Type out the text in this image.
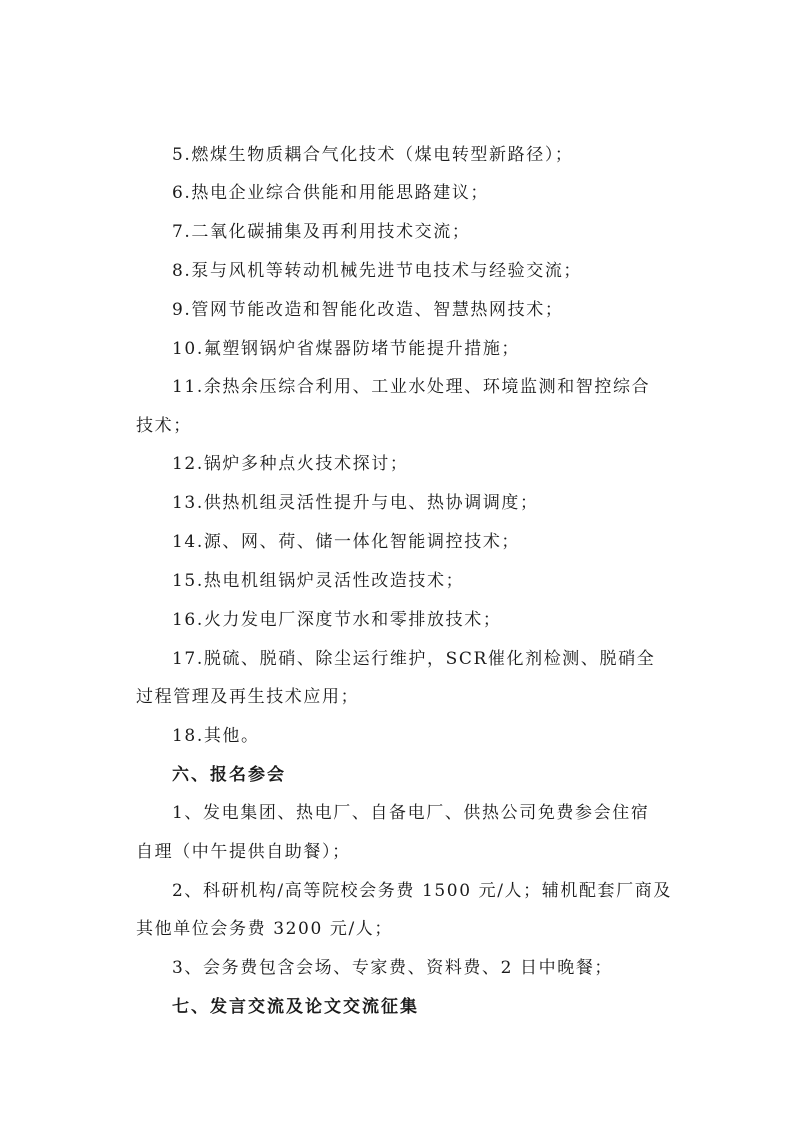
5.燃煤生物质耦合气化技术（煤电转型新路径）；
6.热电企业综合供能和用能思路建议；
7.二氧化碳捕集及再利用技术交流；
8.泵与风机等转动机械先进节电技术与经验交流；
9.管网节能改造和智能化改造、智慧热网技术；
10.氟塑钢锅炉省煤器防堵节能提升措施；
11.余热余压综合利用、工业水处理、环境监测和智控综合
技术；
12.锅炉多种点火技术探讨；
13.供热机组灵活性提升与电、热协调调度；
14.源、网、荷、储一体化智能调控技术；
15.热电机组锅炉灵活性改造技术；
16.火力发电厂深度节水和零排放技术；
17.脱硫、脱硝、除尘运行维护，SCR催化剂检测、脱硝全
过程管理及再生技术应用；
18.其他。
六、报名参会
1、发电集团、热电厂、自备电厂、供热公司免费参会住宿
自理（中午提供自助餐）；
2、科研机构/高等院校会务费 1500 元/人；辅机配套厂商及
其他单位会务费 3200 元/人；
3、会务费包含会场、专家费、资料费、2 日中晚餐；
七、发言交流及论文交流征集
